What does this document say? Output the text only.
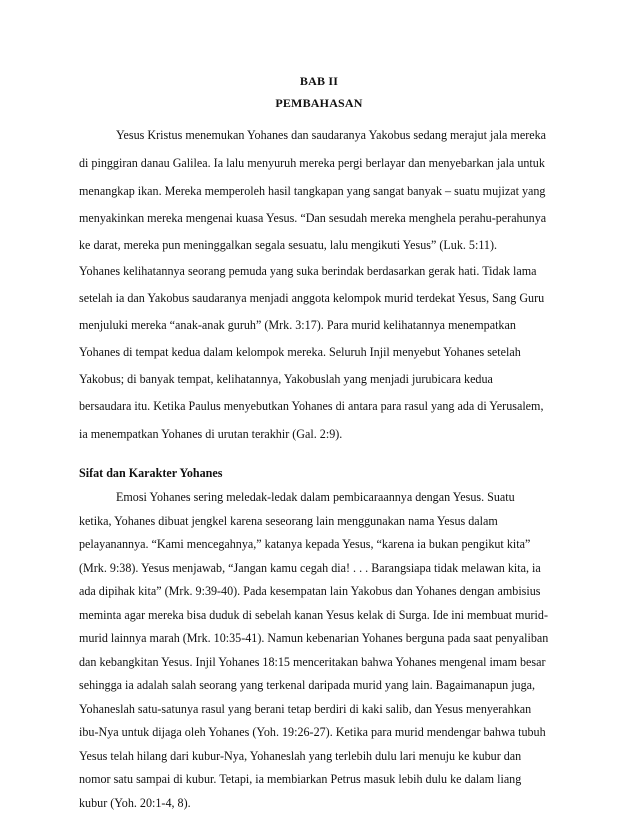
BAB II
PEMBAHASAN
Yesus Kristus menemukan Yohanes dan saudaranya Yakobus sedang merajut jala mereka
di pinggiran danau Galilea. Ia lalu menyuruh mereka pergi berlayar dan menyebarkan jala untuk
menangkap ikan. Mereka memperoleh hasil tangkapan yang sangat banyak – suatu mujizat yang
menyakinkan mereka mengenai kuasa Yesus. “Dan sesudah mereka menghela perahu-perahunya
ke darat, mereka pun meninggalkan segala sesuatu, lalu mengikuti Yesus” (Luk. 5:11).
Yohanes kelihatannya seorang pemuda yang suka berindak berdasarkan gerak hati. Tidak lama
setelah ia dan Yakobus saudaranya menjadi anggota kelompok murid terdekat Yesus, Sang Guru
menjuluki mereka “anak-anak guruh” (Mrk. 3:17). Para murid kelihatannya menempatkan
Yohanes di tempat kedua dalam kelompok mereka. Seluruh Injil menyebut Yohanes setelah
Yakobus; di banyak tempat, kelihatannya, Yakobuslah yang menjadi jurubicara kedua
bersaudara itu. Ketika Paulus menyebutkan Yohanes di antara para rasul yang ada di Yerusalem,
ia menempatkan Yohanes di urutan terakhir (Gal. 2:9).
Sifat dan Karakter Yohanes
Emosi Yohanes sering meledak-ledak dalam pembicaraannya dengan Yesus. Suatu
ketika, Yohanes dibuat jengkel karena seseorang lain menggunakan nama Yesus dalam
pelayanannya. “Kami mencegahnya,” katanya kepada Yesus, “karena ia bukan pengikut kita”
(Mrk. 9:38). Yesus menjawab, “Jangan kamu cegah dia! . . . Barangsiapa tidak melawan kita, ia
ada dipihak kita” (Mrk. 9:39-40). Pada kesempatan lain Yakobus dan Yohanes dengan ambisius
meminta agar mereka bisa duduk di sebelah kanan Yesus kelak di Surga. Ide ini membuat murid-
murid lainnya marah (Mrk. 10:35-41). Namun kebenarian Yohanes berguna pada saat penyaliban
dan kebangkitan Yesus. Injil Yohanes 18:15 menceritakan bahwa Yohanes mengenal imam besar
sehingga ia adalah salah seorang yang terkenal daripada murid yang lain. Bagaimanapun juga,
Yohaneslah satu-satunya rasul yang berani tetap berdiri di kaki salib, dan Yesus menyerahkan
ibu-Nya untuk dijaga oleh Yohanes (Yoh. 19:26-27). Ketika para murid mendengar bahwa tubuh
Yesus telah hilang dari kubur-Nya, Yohaneslah yang terlebih dulu lari menuju ke kubur dan
nomor satu sampai di kubur. Tetapi, ia membiarkan Petrus masuk lebih dulu ke dalam liang
kubur (Yoh. 20:1-4, 8).
